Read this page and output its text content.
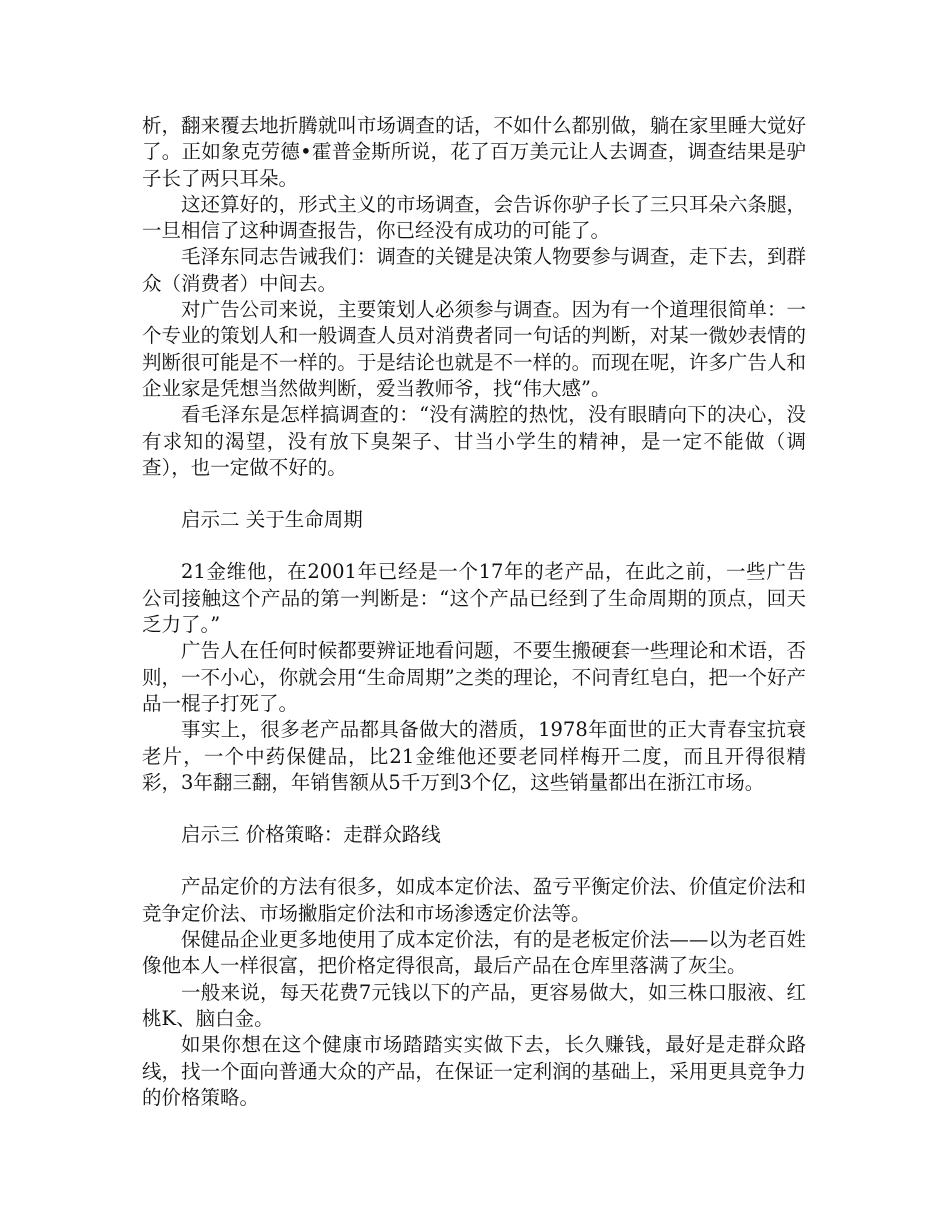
析，翻来覆去地折腾就叫市场调查的话，不如什么都别做，躺在家里睡大觉好了。正如象克劳德•霍普金斯所说，花了百万美元让人去调查，调查结果是驴子长了两只耳朵。

这还算好的，形式主义的市场调查，会告诉你驴子长了三只耳朵六条腿，一旦相信了这种调查报告，你已经没有成功的可能了。

毛泽东同志告诫我们：调查的关键是决策人物要参与调查，走下去，到群众（消费者）中间去。

对广告公司来说，主要策划人必须参与调查。因为有一个道理很简单：一个专业的策划人和一般调查人员对消费者同一句话的判断，对某一微妙表情的判断很可能是不一样的。于是结论也就是不一样的。而现在呢，许多广告人和企业家是凭想当然做判断，爱当教师爷，找“伟大感”。

看毛泽东是怎样搞调查的：“没有满腔的热忱，没有眼睛向下的决心，没有求知的渴望，没有放下臭架子、甘当小学生的精神，是一定不能做（调查），也一定做不好的。

启示二 关于生命周期

21金维他，在2001年已经是一个17年的老产品，在此之前，一些广告公司接触这个产品的第一判断是：“这个产品已经到了生命周期的顶点，回天乏力了。”

广告人在任何时候都要辨证地看问题，不要生搬硬套一些理论和术语，否则，一不小心，你就会用“生命周期”之类的理论，不问青红皂白，把一个好产品一棍子打死了。

事实上，很多老产品都具备做大的潜质，1978年面世的正大青春宝抗衰老片，一个中药保健品，比21金维他还要老同样梅开二度，而且开得很精彩，3年翻三翻，年销售额从5千万到3个亿，这些销量都出在浙江市场。

启示三 价格策略：走群众路线

产品定价的方法有很多，如成本定价法、盈亏平衡定价法、价值定价法和竞争定价法、市场撇脂定价法和市场渗透定价法等。

保健品企业更多地使用了成本定价法，有的是老板定价法——以为老百姓像他本人一样很富，把价格定得很高，最后产品在仓库里落满了灰尘。

一般来说，每天花费7元钱以下的产品，更容易做大，如三株口服液、红桃K、脑白金。

如果你想在这个健康市场踏踏实实做下去，长久赚钱，最好是走群众路线，找一个面向普通大众的产品，在保证一定利润的基础上，采用更具竞争力的价格策略。
